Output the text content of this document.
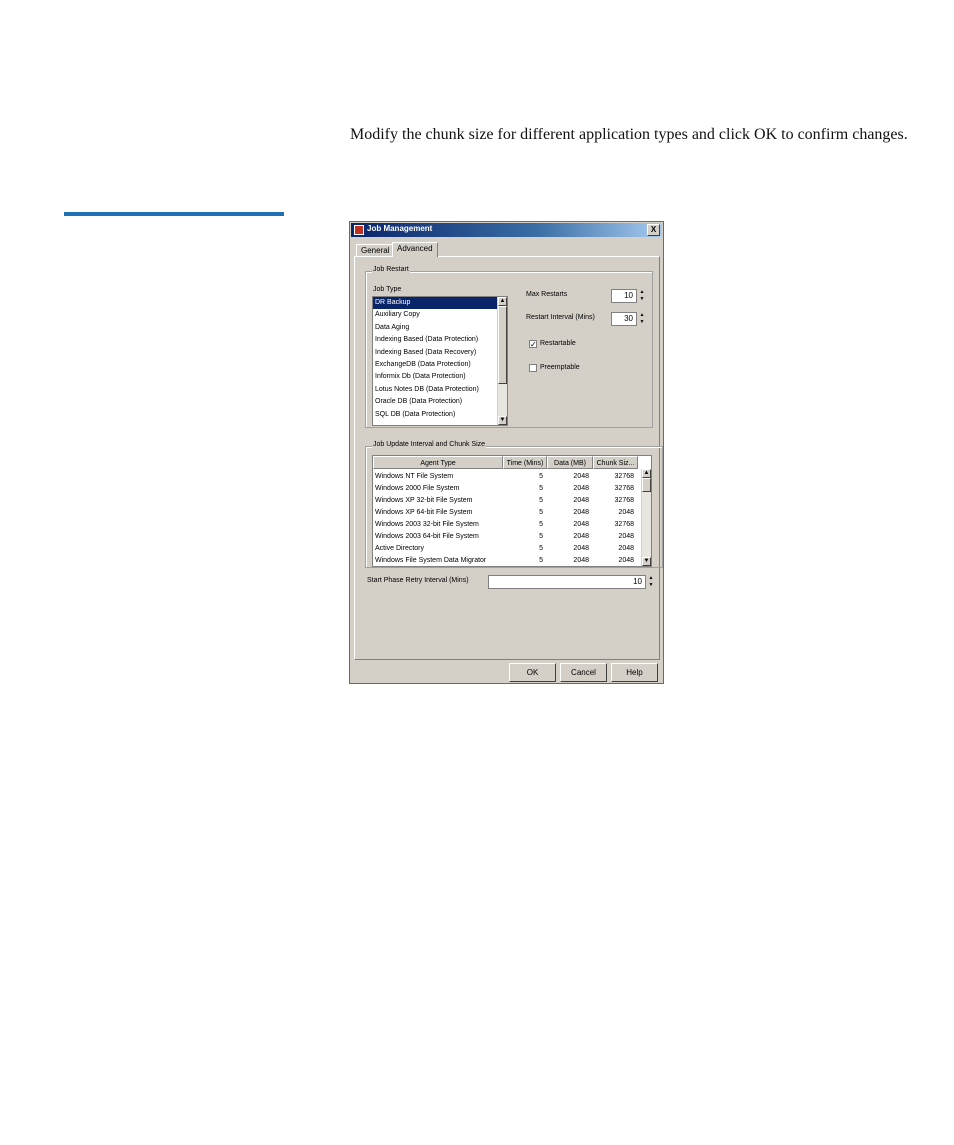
Modify the chunk size for different application types and click OK to confirm changes.

Job Management	X
General Advanced
Job Restart
Job Type
DR Backup
Auxiliary Copy
Data Aging
Indexing Based (Data Protection)
Indexing Based (Data Recovery)
ExchangeDB (Data Protection)
Informix Db (Data Protection)
Lotus Notes DB (Data Protection)
Oracle DB (Data Protection)
SQL DB (Data Protection)
▲
▼
Max Restarts	10	▲
▼
Restart Interval (Mins)	30	▲
▼
✓ Restartable
Preemptable
Job Update Interval and Chunk Size
Agent Type	Time (Mins)	Data (MB)	Chunk Siz...
Windows NT File System	5	2048	32768
Windows 2000 File System	5	2048	32768
Windows XP 32-bit File System	5	2048	32768
Windows XP 64-bit File System	5	2048	2048
Windows 2003 32-bit File System	5	2048	32768
Windows 2003 64-bit File System	5	2048	2048
Active Directory	5	2048	2048
Windows File System Data Migrator	5	2048	2048
▲
▼
Start Phase Retry Interval (Mins)	10	▲
▼
OK	Cancel	Help
